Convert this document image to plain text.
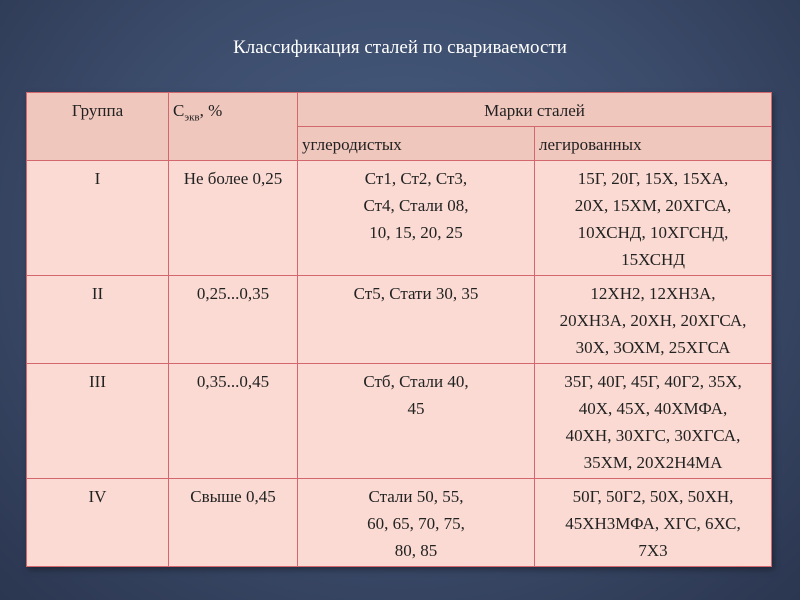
Классификация сталей по свариваемости
Группа	$С_{экв}$, %	Марки сталей	
		углеродистых	легированных
I	Не более 0,25	Ст1, Ст2, Ст3,
Ст4, Стали 08,
10, 15, 20, 25	15Г, 20Г, 15Х, 15ХА,
20Х, 15ХМ, 20ХГСА,
10ХСНД, 10ХГСНД,
15ХСНД

II	0,25...0,35	Ст5, Стати 30, 35	12ХН2, 12ХН3А,
20ХН3А, 20ХН, 20ХГСА,
30Х, 3ОХМ, 25ХГСА

III	0,35...0,45	Стб, Стали 40,
45	35Г, 40Г, 45Г, 40Г2, 35Х,
40Х, 45Х, 40ХМФА,
40ХН, 30ХГС, 30ХГСА,
35ХМ, 20Х2Н4МА

IV	Свыше 0,45	Стали 50, 55,
60, 65, 70, 75,
80, 85	50Г, 50Г2, 50Х, 50ХН,
45ХН3МФА, ХГС, 6ХС,
7Х3
